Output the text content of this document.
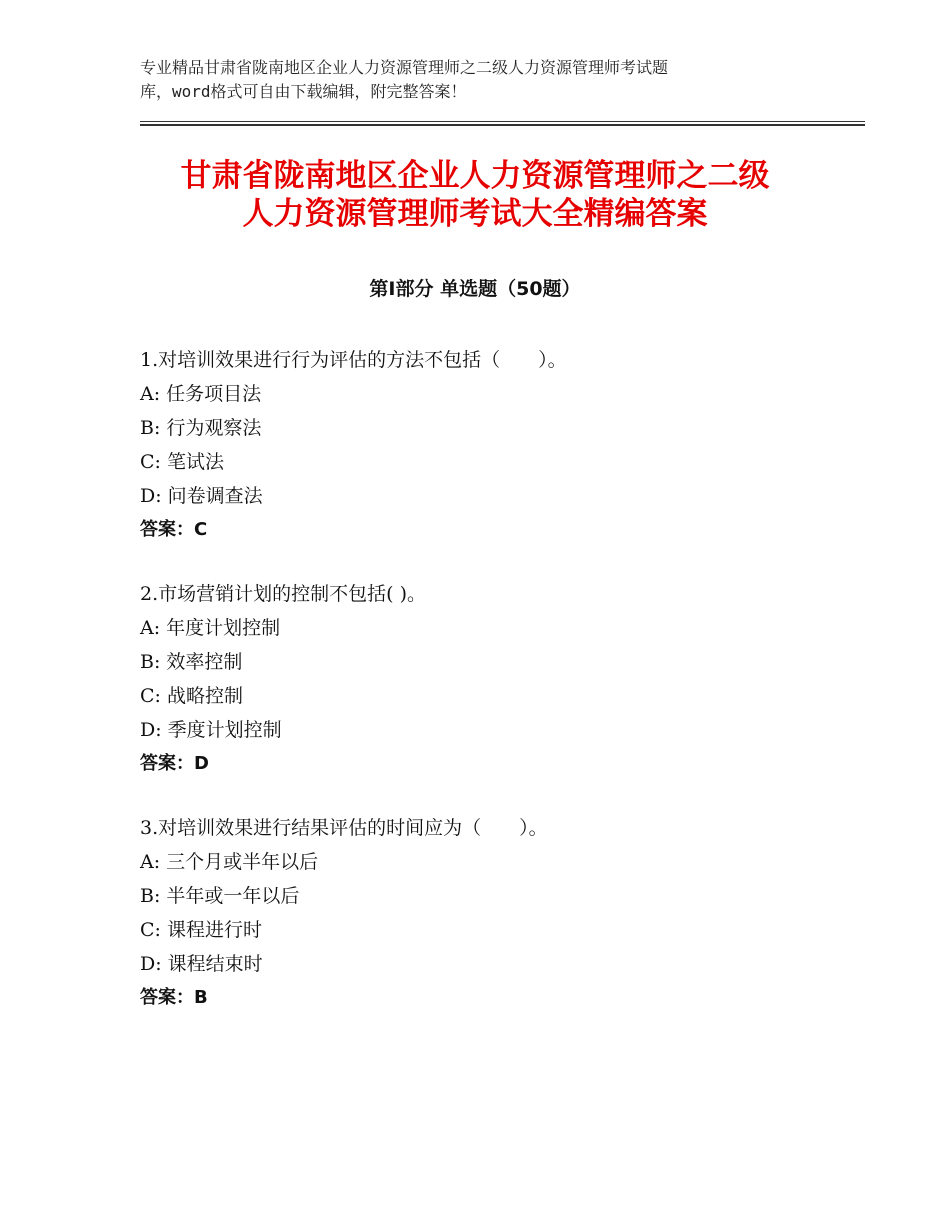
专业精品甘肃省陇南地区企业人力资源管理师之二级人力资源管理师考试题
库，word格式可自由下载编辑，附完整答案！
甘肃省陇南地区企业人力资源管理师之二级
人力资源管理师考试大全精编答案
第Ⅰ部分 单选题（50题）
1.对培训效果进行行为评估的方法不包括（　　）。
A: 任务项目法
B: 行为观察法
C: 笔试法
D: 问卷调查法
答案：C
2.市场营销计划的控制不包括( )。
A: 年度计划控制
B: 效率控制
C: 战略控制
D: 季度计划控制
答案：D
3.对培训效果进行结果评估的时间应为（　　）。
A: 三个月或半年以后
B: 半年或一年以后
C: 课程进行时
D: 课程结束时
答案：B
